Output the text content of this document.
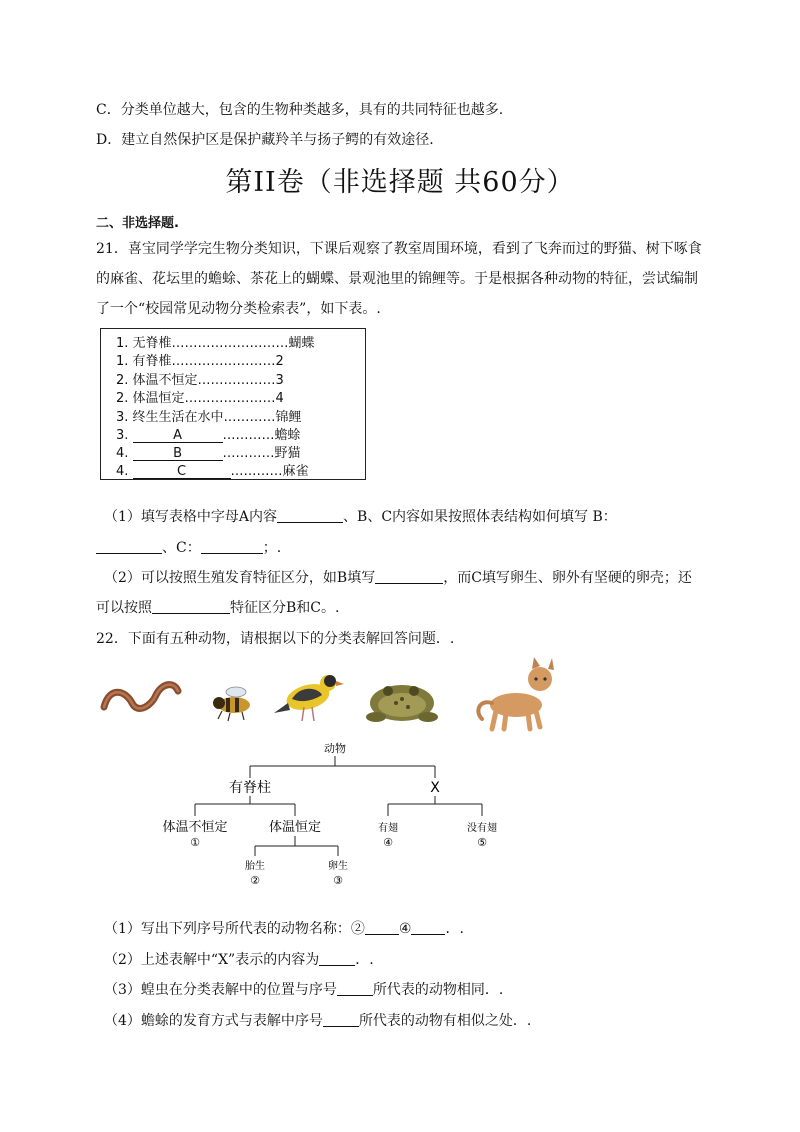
C．分类单位越大，包含的生物种类越多，具有的共同特征也越多.
D．建立自然保护区是保护藏羚羊与扬子鳄的有效途径.
第II卷（非选择题 共60分）
二、非选择题.
21．喜宝同学学完生物分类知识，下课后观察了教室周围环境，看到了飞奔而过的野猫、树下啄食
的麻雀、花坛里的蟾蜍、茶花上的蝴蝶、景观池里的锦鲤等。于是根据各种动物的特征，尝试编制
了一个“校园常见动物分类检索表”，如下表。.
1. 无脊椎………………………蝴蝶
1. 有脊椎……………………2
2. 体温不恒定………………3
2. 体温恒定…………………4
3. 终生生活在水中…………锦鲤
3.	A	…………蟾蜍
4.	B	…………野猫
4.	C	…………麻雀
（1）填写表格中字母A内容	、B、C内容如果按照体表结构如何填写 B：
、C：	；.
（2）可以按照生殖发育特征区分，如B填写	，而C填写卵生、卵外有坚硬的卵壳；还
可以按照	特征区分B和C。.
22．下面有五种动物，请根据以下的分类表解回答问题．.
动物
有脊柱	X
体温不恒定	体温恒定	有翅	没有翅
①	④	⑤
胎生	卵生
②	③
（1）写出下列序号所代表的动物名称：② ④ ．.
（2）上述表解中“X”表示的内容为	．.
（3）蝗虫在分类表解中的位置与序号	所代表的动物相同．.
（4）蟾蜍的发育方式与表解中序号	所代表的动物有相似之处．.
